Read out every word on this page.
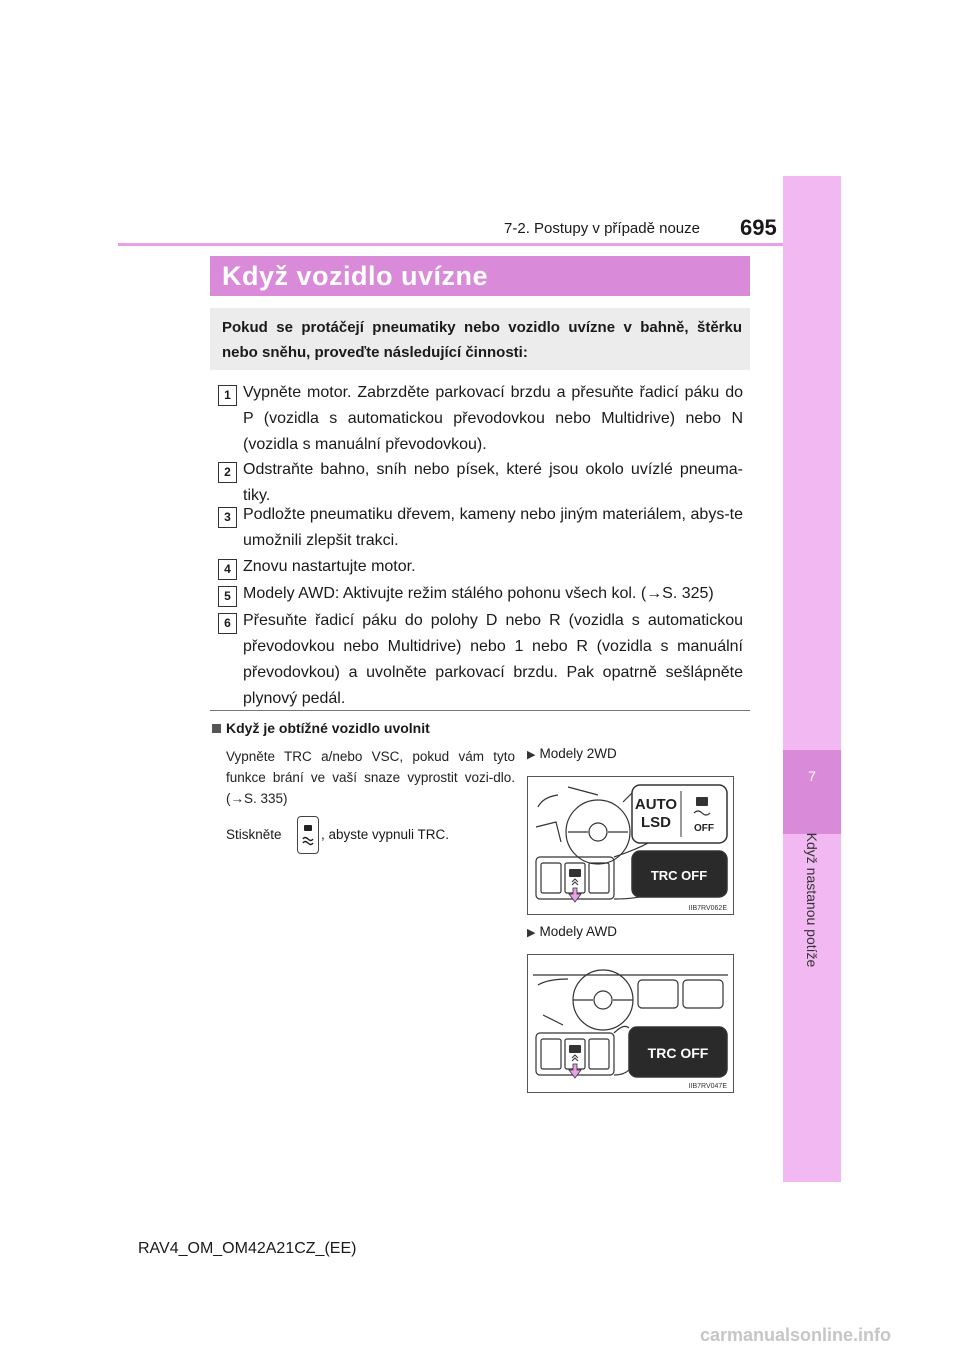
7
Když nastanou potíže
7-2. Postupy v případě nouze 695
Když vozidlo uvízne
Pokud se protáčejí pneumatiky nebo vozidlo uvízne v bahně, štěrku nebo sněhu, proveďte následující činnosti:
1 Vypněte motor. Zabrzděte parkovací brzdu a přesuňte řadicí páku do P (vozidla s automatickou převodovkou nebo Multidrive) nebo N (vozidla s manuální převodovkou).
2 Odstraňte bahno, sníh nebo písek, které jsou okolo uvízlé pneuma-tiky.
3 Podložte pneumatiku dřevem, kameny nebo jiným materiálem, abys-te umožnili zlepšit trakci.
4 Znovu nastartujte motor.
5 Modely AWD: Aktivujte režim stálého pohonu všech kol. (→S. 325)
6 Přesuňte řadicí páku do polohy D nebo R (vozidla s automatickou převodovkou nebo Multidrive) nebo 1 nebo R (vozidla s manuální převodovkou) a uvolněte parkovací brzdu. Pak opatrně sešlápněte plynový pedál.
Když je obtížné vozidlo uvolnit
Vypněte TRC a/nebo VSC, pokud vám tyto funkce brání ve vaší snaze vyprostit vozi-dlo. (→S. 335)
Stiskněte	, abyste vypnuli TRC.
▶ Modely 2WD
AUTO
LSD OFF
TRC OFF
IIB7RV062E
▶ Modely AWD
TRC OFF
IIB7RV047E
RAV4_OM_OM42A21CZ_(EE)
carmanualsonline.info
